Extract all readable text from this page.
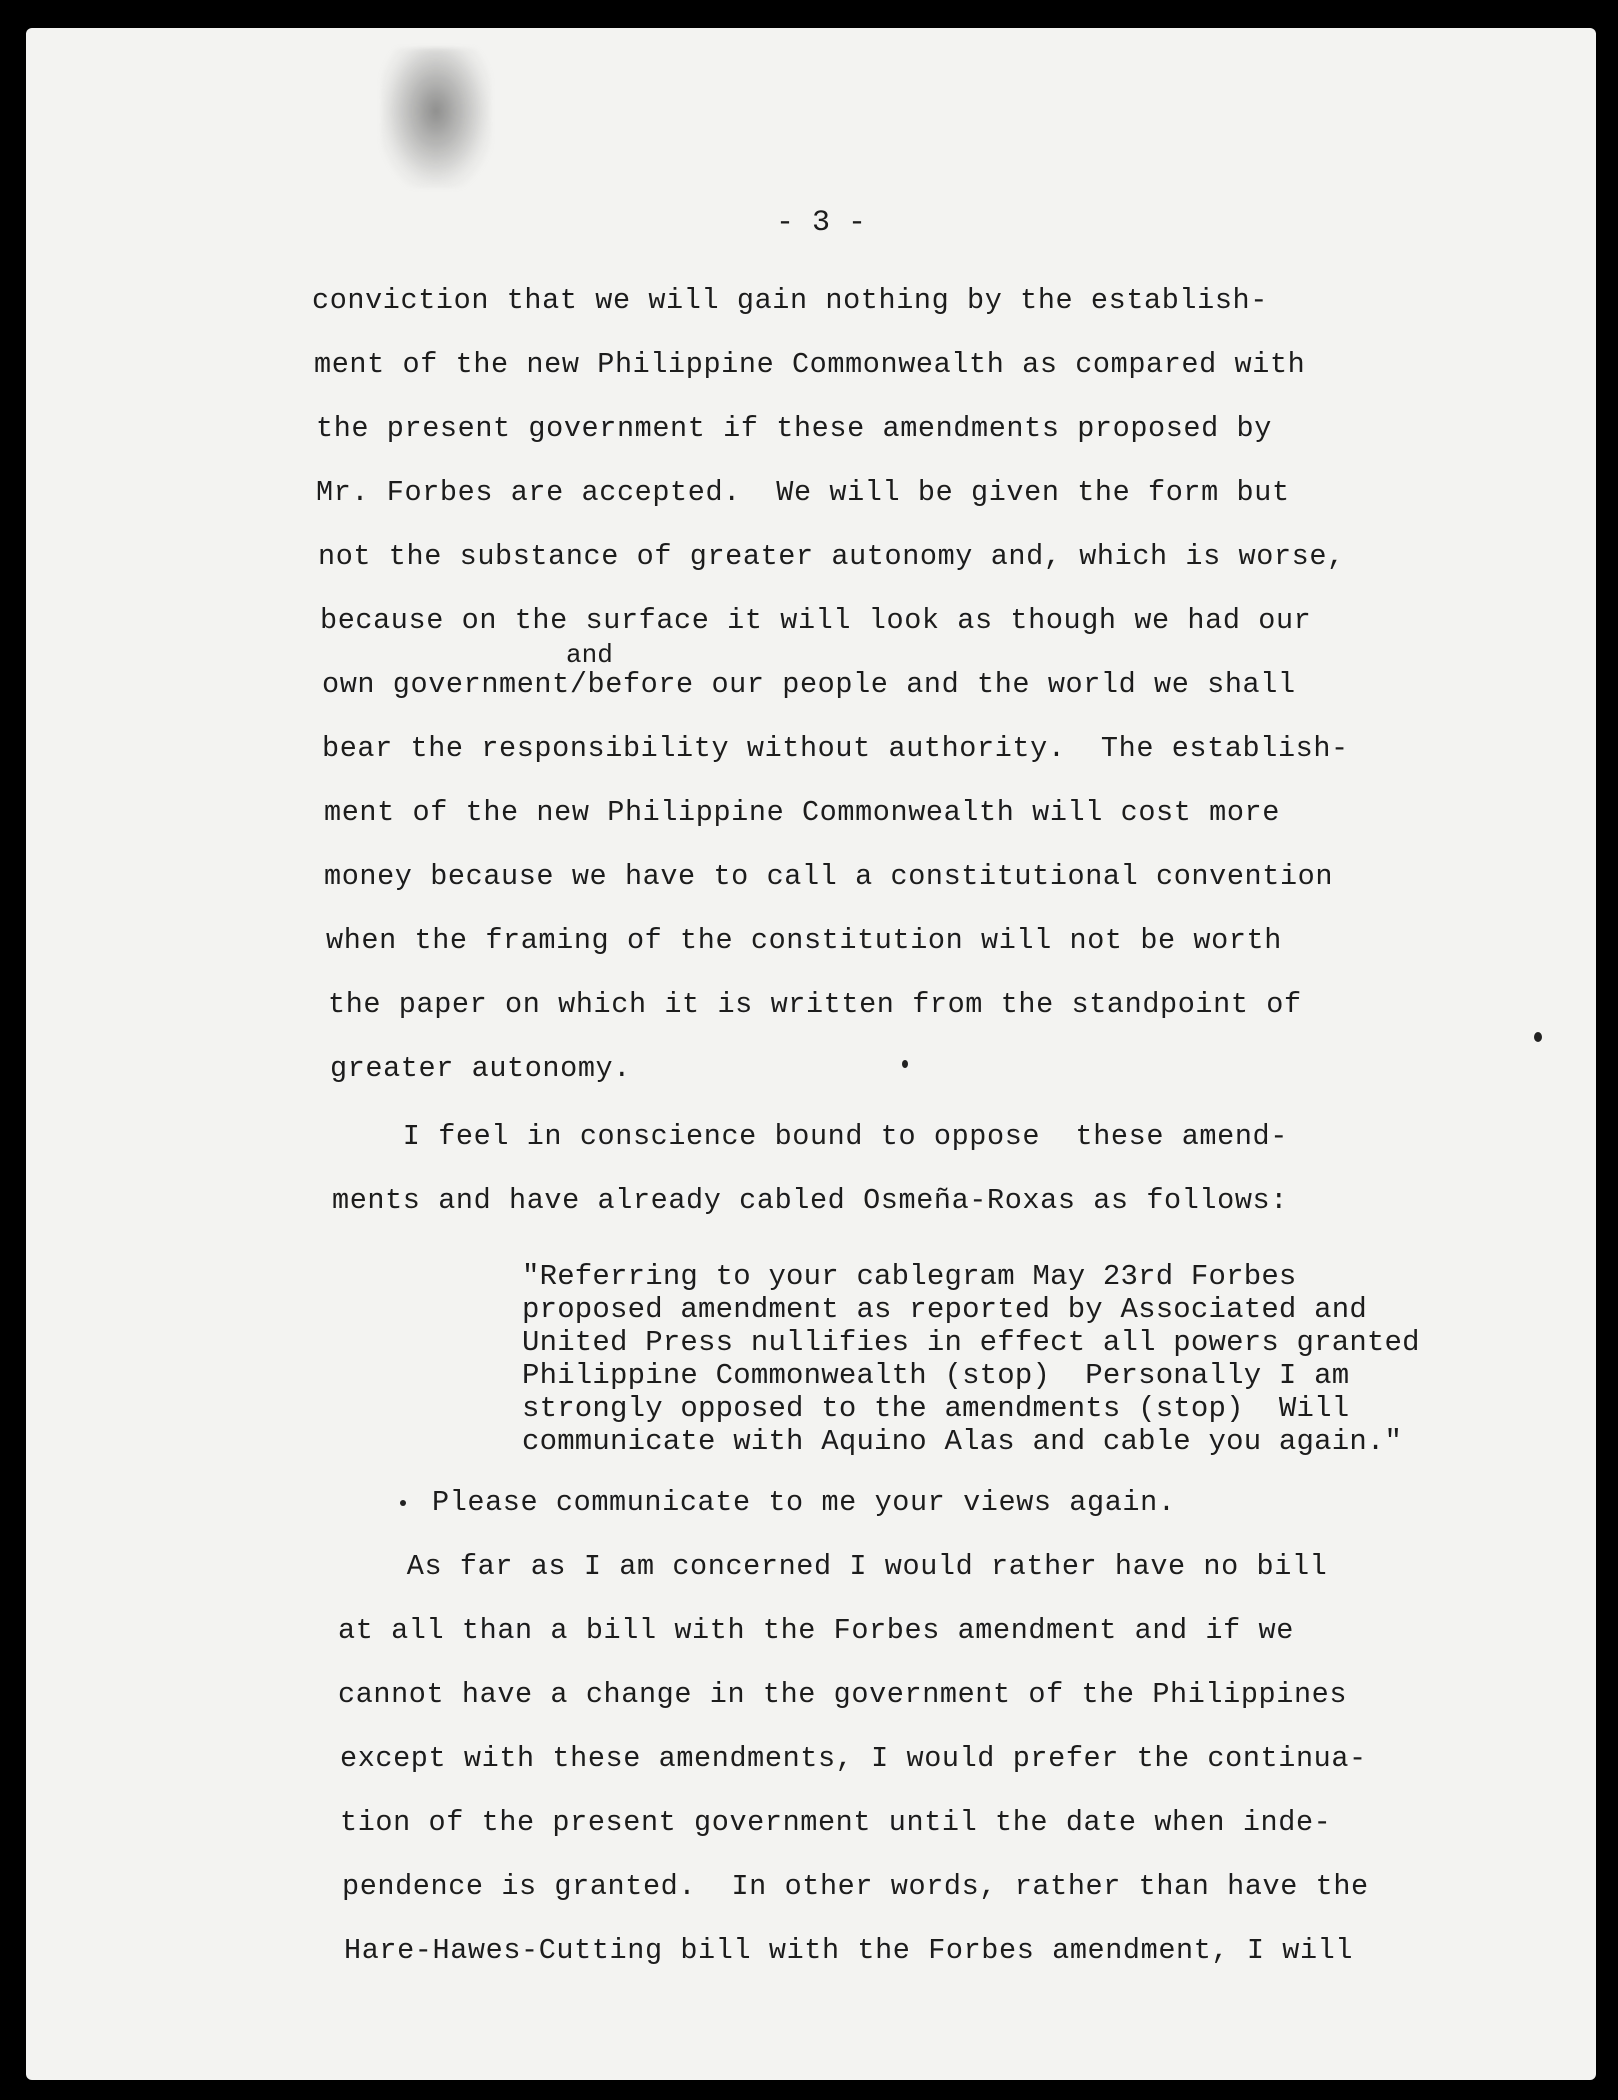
- 3 -
conviction that we will gain nothing by the establish-
ment of the new Philippine Commonwealth as compared with
the present government if these amendments proposed by
Mr. Forbes are accepted.  We will be given the form but
not the substance of greater autonomy and, which is worse,
because on the surface it will look as though we had our
and
own government/before our people and the world we shall
bear the responsibility without authority.  The establish-
ment of the new Philippine Commonwealth will cost more
money because we have to call a constitutional convention
when the framing of the constitution will not be worth
the paper on which it is written from the standpoint of
greater autonomy.
I feel in conscience bound to oppose  these amend-
ments and have already cabled Osmeña-Roxas as follows:
"Referring to your cablegram May 23rd Forbes
proposed amendment as reported by Associated and
United Press nullifies in effect all powers granted
Philippine Commonwealth (stop)  Personally I am
strongly opposed to the amendments (stop)  Will
communicate with Aquino Alas and cable you again."
Please communicate to me your views again.
As far as I am concerned I would rather have no bill
at all than a bill with the Forbes amendment and if we
cannot have a change in the government of the Philippines
except with these amendments, I would prefer the continua-
tion of the present government until the date when inde-
pendence is granted.  In other words, rather than have the
Hare-Hawes-Cutting bill with the Forbes amendment, I will
